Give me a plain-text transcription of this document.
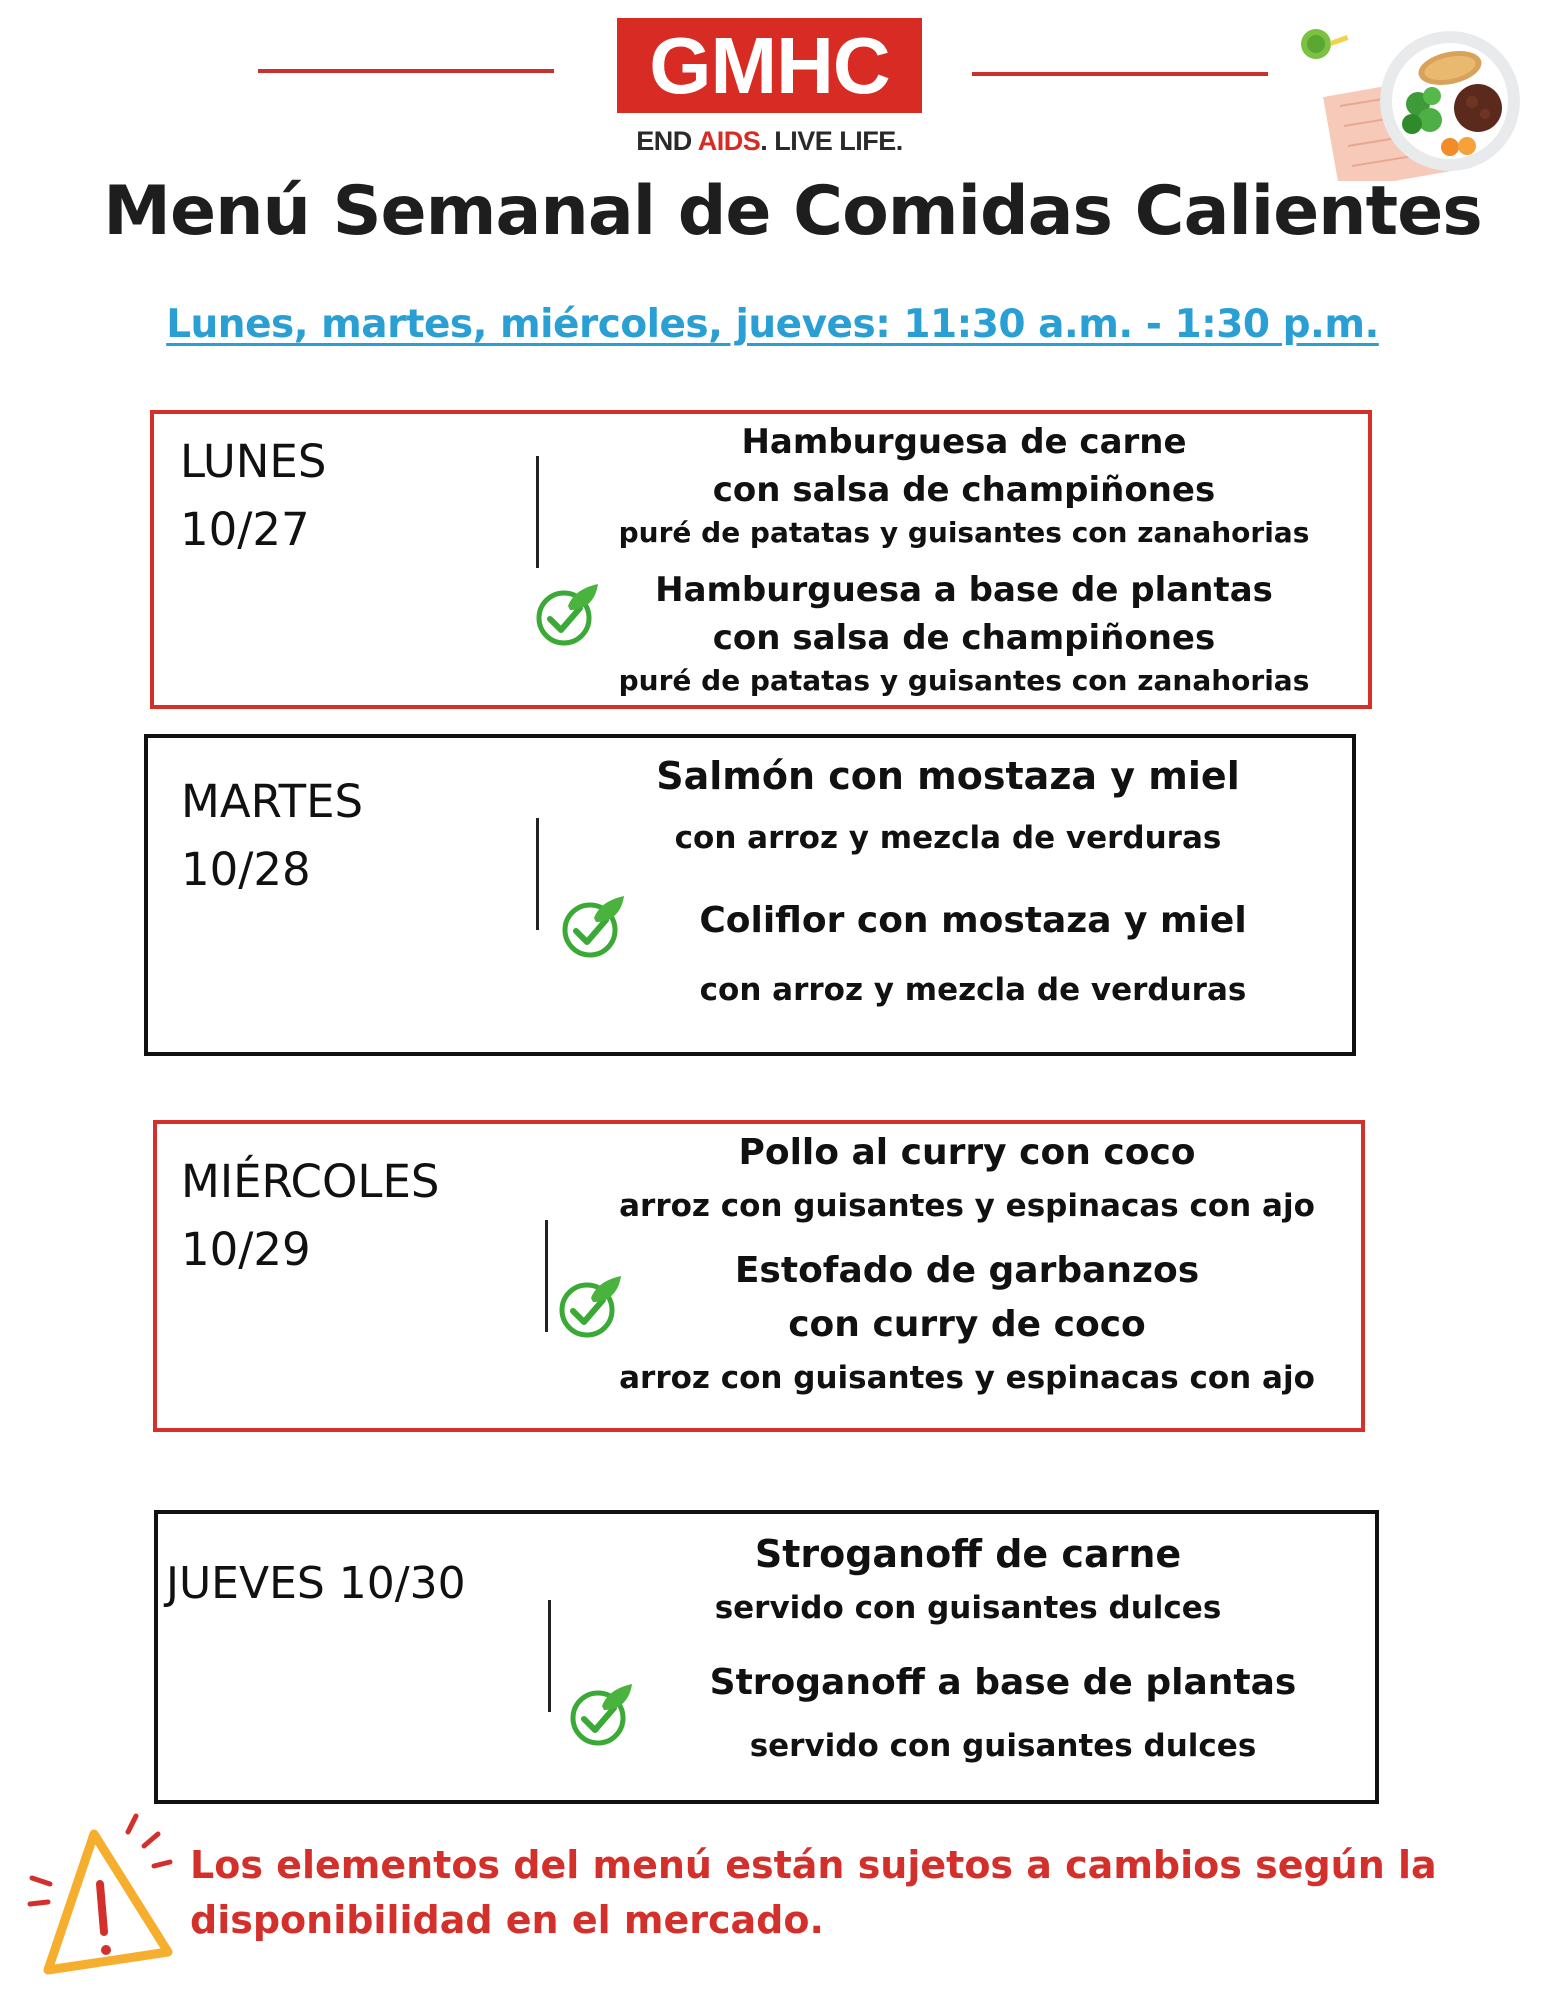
GMHC
END AIDS. LIVE LIFE.
Menú Semanal de Comidas Calientes
Lunes, martes, miércoles, jueves: 11:30 a.m. - 1:30 p.m.
LUNES
10/27
Hamburguesa de carne
con salsa de champiñones
puré de patatas y guisantes con zanahorias
Hamburguesa a base de plantas
con salsa de champiñones
puré de patatas y guisantes con zanahorias
MARTES
10/28
Salmón con mostaza y miel
con arroz y mezcla de verduras
Coliflor con mostaza y miel
con arroz y mezcla de verduras
MIÉRCOLES
10/29
Pollo al curry con coco
arroz con guisantes y espinacas con ajo
Estofado de garbanzos
con curry de coco
arroz con guisantes y espinacas con ajo
JUEVES 10/30
Stroganoff de carne
servido con guisantes dulces
Stroganoff a base de plantas
servido con guisantes dulces
Los elementos del menú están sujetos a cambios según la disponibilidad en el mercado.
